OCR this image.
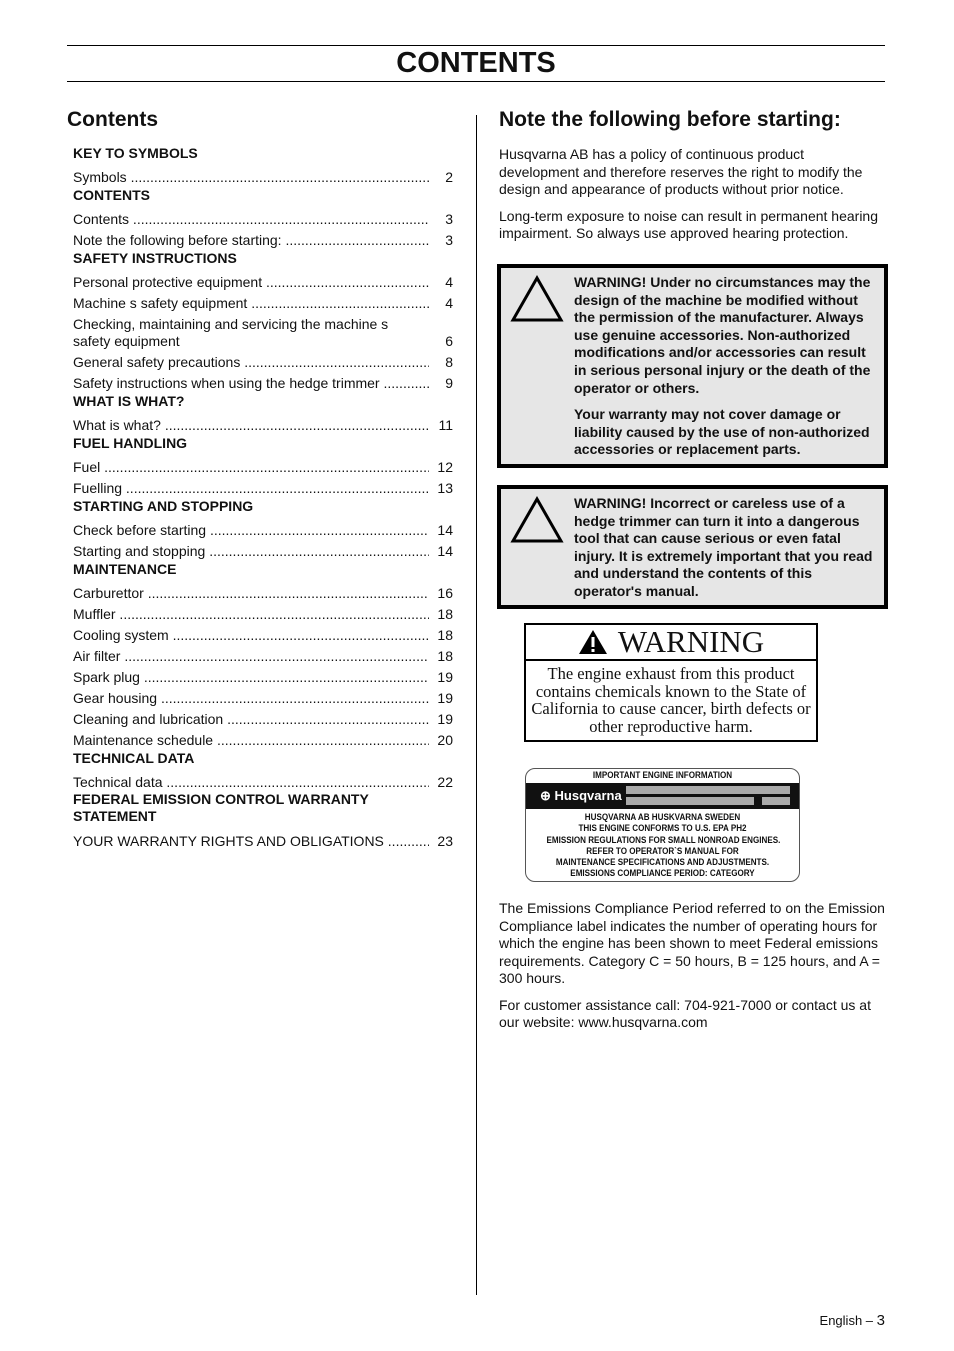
CONTENTS
Contents
KEY TO SYMBOLS
Symbols .....	2
CONTENTS
Contents .....	3
Note the following before starting: .....	3
SAFETY INSTRUCTIONS
Personal protective equipment .....	4
Machine s safety equipment .....	4
Checking, maintaining and servicing the machine s safety equipment .....	6
General safety precautions .....	8
Safety instructions when using the hedge trimmer .....	9
WHAT IS WHAT?
What is what? .....	11
FUEL HANDLING
Fuel .....	12
Fuelling .....	13
STARTING AND STOPPING
Check before starting .....	14
Starting and stopping .....	14
MAINTENANCE
Carburettor .....	16
Muffler .....	18
Cooling system .....	18
Air filter .....	18
Spark plug .....	19
Gear housing .....	19
Cleaning and lubrication .....	19
Maintenance schedule .....	20
TECHNICAL DATA
Technical data .....	22
FEDERAL EMISSION CONTROL WARRANTY STATEMENT
YOUR WARRANTY RIGHTS AND OBLIGATIONS .....	23
Note the following before starting:

Husqvarna AB has a policy of continuous product development and therefore reserves the right to modify the design and appearance of products without prior notice.

Long-term exposure to noise can result in permanent hearing impairment. So always use approved hearing protection.

WARNING! Under no circumstances may the design of the machine be modified without the permission of the manufacturer. Always use genuine accessories. Non-authorized modifications and/or accessories can result in serious personal injury or the death of the operator or others.

Your warranty may not cover damage or liability caused by the use of non-authorized accessories or replacement parts.

WARNING! Incorrect or careless use of a hedge trimmer can turn it into a dangerous tool that can cause serious or even fatal injury. It is extremely important that you read and understand the contents of this operator's manual.

WARNING
The engine exhaust from this product contains chemicals known to the State of California to cause cancer, birth defects or other reproductive harm.
IMPORTANT ENGINE INFORMATION
⊕ Husqvarna
HUSQVARNA AB HUSKVARNA SWEDEN
THIS ENGINE CONFORMS TO U.S. EPA PH2
EMISSION REGULATIONS FOR SMALL NONROAD ENGINES.
REFER TO OPERATOR`S MANUAL FOR
MAINTENANCE SPECIFICATIONS AND ADJUSTMENTS.
EMISSIONS COMPLIANCE PERIOD: CATEGORY

The Emissions Compliance Period referred to on the Emission Compliance label indicates the number of operating hours for which the engine has been shown to meet Federal emissions requirements. Category C = 50 hours, B = 125 hours, and A = 300 hours.

For customer assistance call: 704-921-7000 or contact us at our website: www.husqvarna.com

English – 3
